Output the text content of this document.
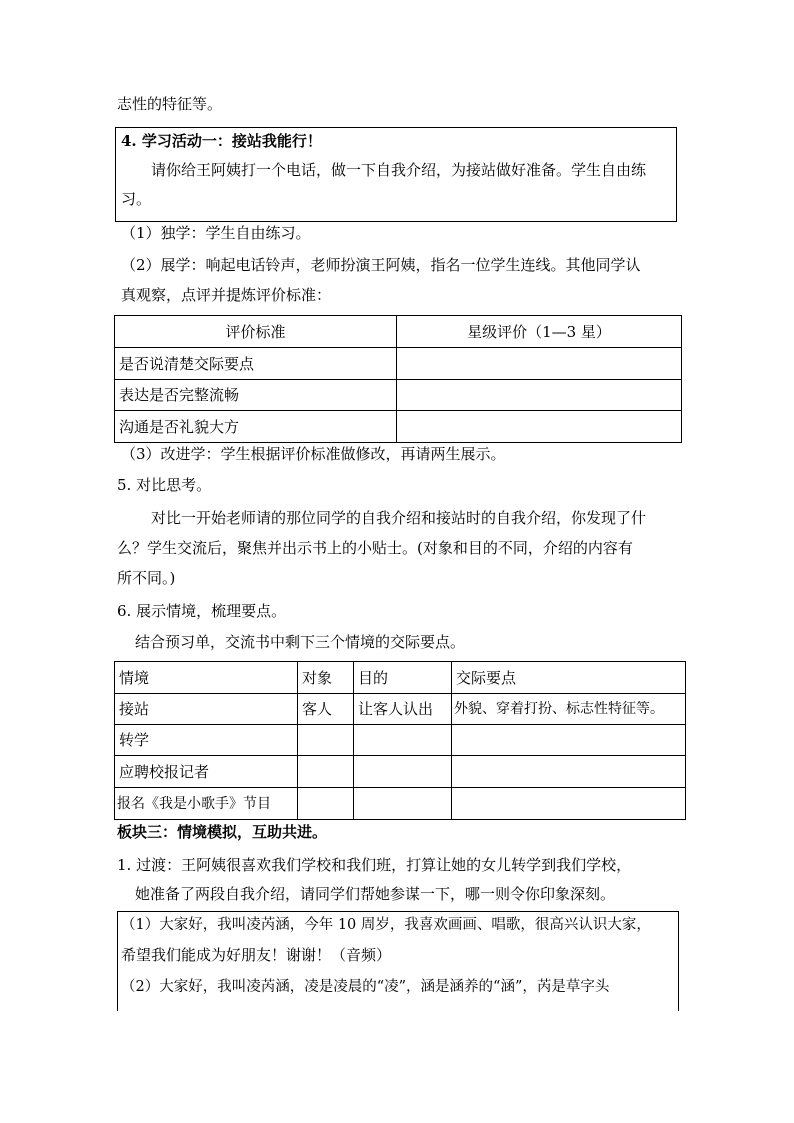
志性的特征等。
4. 学习活动一：接站我能行！
请你给王阿姨打一个电话，做一下自我介绍，为接站做好准备。学生自由练
习。
（1）独学：学生自由练习。
（2）展学：响起电话铃声，老师扮演王阿姨，指名一位学生连线。其他同学认
真观察，点评并提炼评价标准：
评价标准	星级评价（1—3 星）
是否说清楚交际要点	
表达是否完整流畅	
沟通是否礼貌大方	
（3）改进学：学生根据评价标准做修改，再请两生展示。
5. 对比思考。
对比一开始老师请的那位同学的自我介绍和接站时的自我介绍，你发现了什
么？学生交流后，聚焦并出示书上的小贴士。(对象和目的不同，介绍的内容有
所不同。)
6. 展示情境，梳理要点。
结合预习单，交流书中剩下三个情境的交际要点。
情境	对象	目的	交际要点
接站	客人	让客人认出	外貌、穿着打扮、标志性特征等。
转学			
应聘校报记者			
报名《我是小歌手》节目			
板块三：情境模拟，互助共进。
1. 过渡：王阿姨很喜欢我们学校和我们班，打算让她的女儿转学到我们学校，
她准备了两段自我介绍，请同学们帮她参谋一下，哪一则令你印象深刻。
（1）大家好，我叫凌芮涵，今年 10 周岁，我喜欢画画、唱歌，很高兴认识大家，
希望我们能成为好朋友！谢谢！（音频）
（2）大家好，我叫凌芮涵，凌是凌晨的“凌”，涵是涵养的“涵”，芮是草字头
